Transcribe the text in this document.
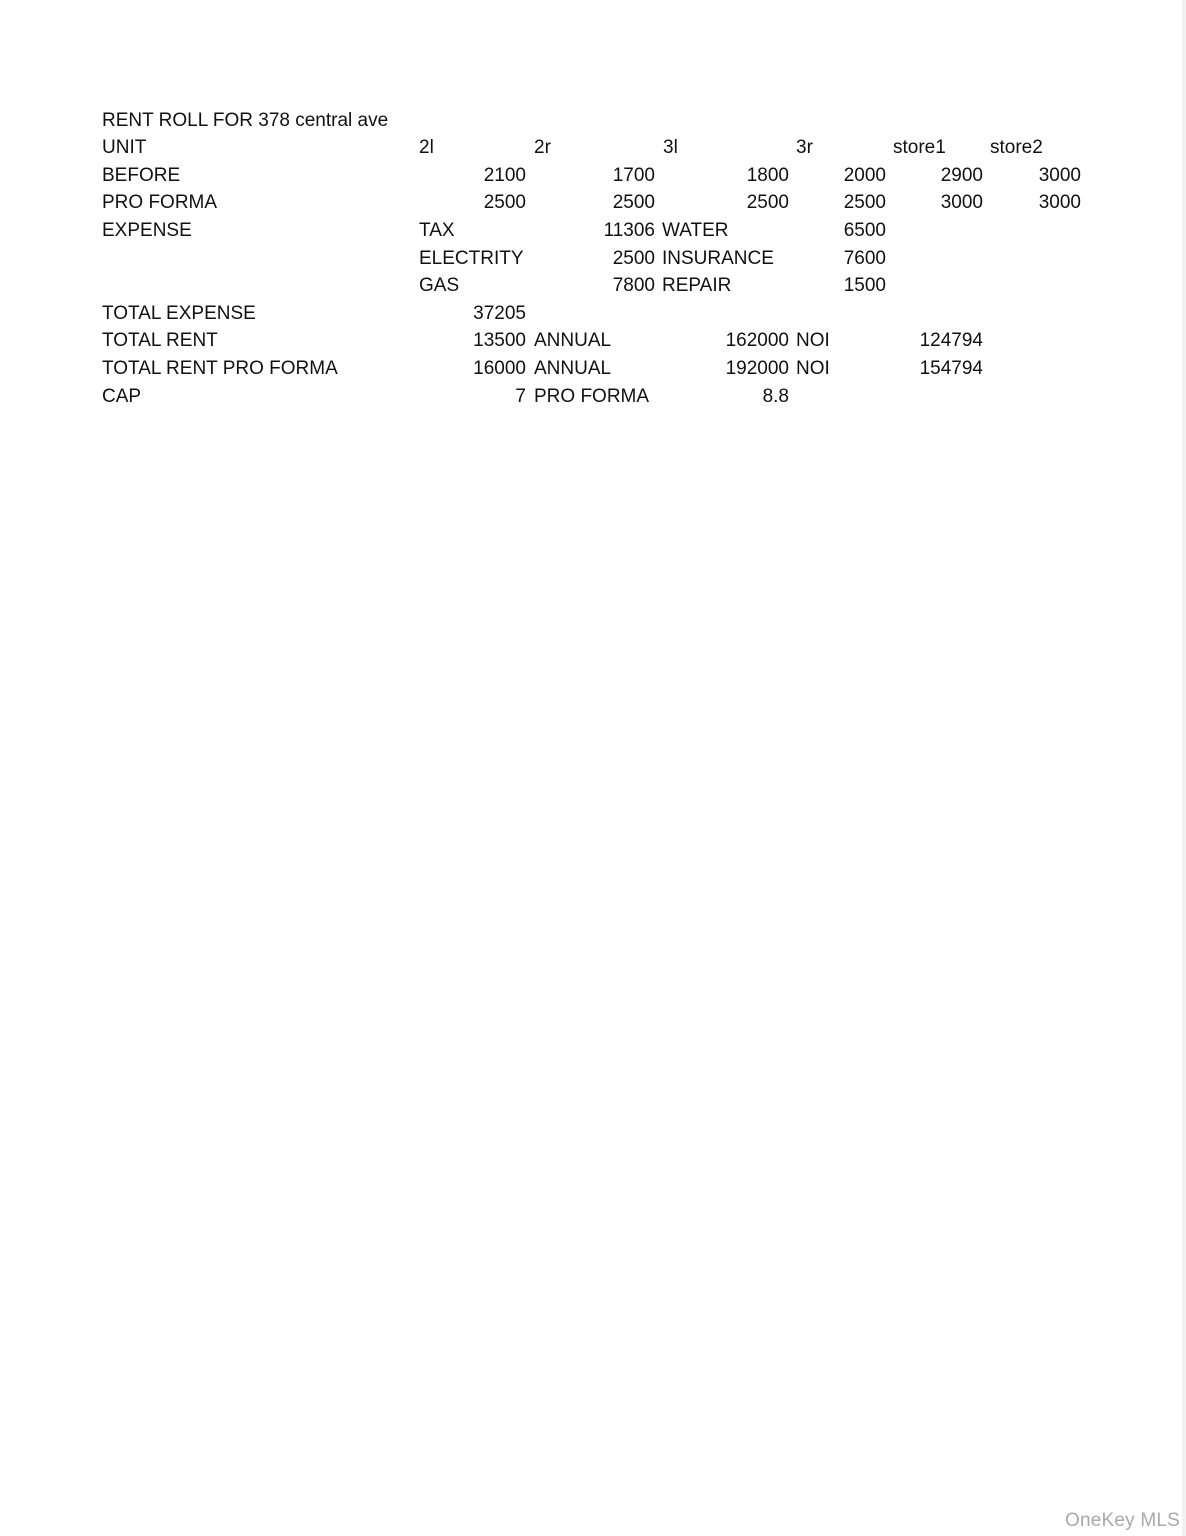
RENT ROLL FOR 378 central ave
UNIT	2l	2r	3l	3r	store1 store2
BEFORE	2100	1700	1800	2000	2900	3000
PRO FORMA	2500	2500	2500	2500	3000	3000
EXPENSE	TAX	11306 WATER	6500
ELECTRITY	2500 INSURANCE	7600
GAS	7800 REPAIR	1500
TOTAL EXPENSE	37205
TOTAL RENT	13500 ANNUAL	162000 NOI	124794
TOTAL RENT PRO FORMA	16000 ANNUAL	192000 NOI	154794
CAP	7 PRO FORMA	8.8
OneKey MLS
